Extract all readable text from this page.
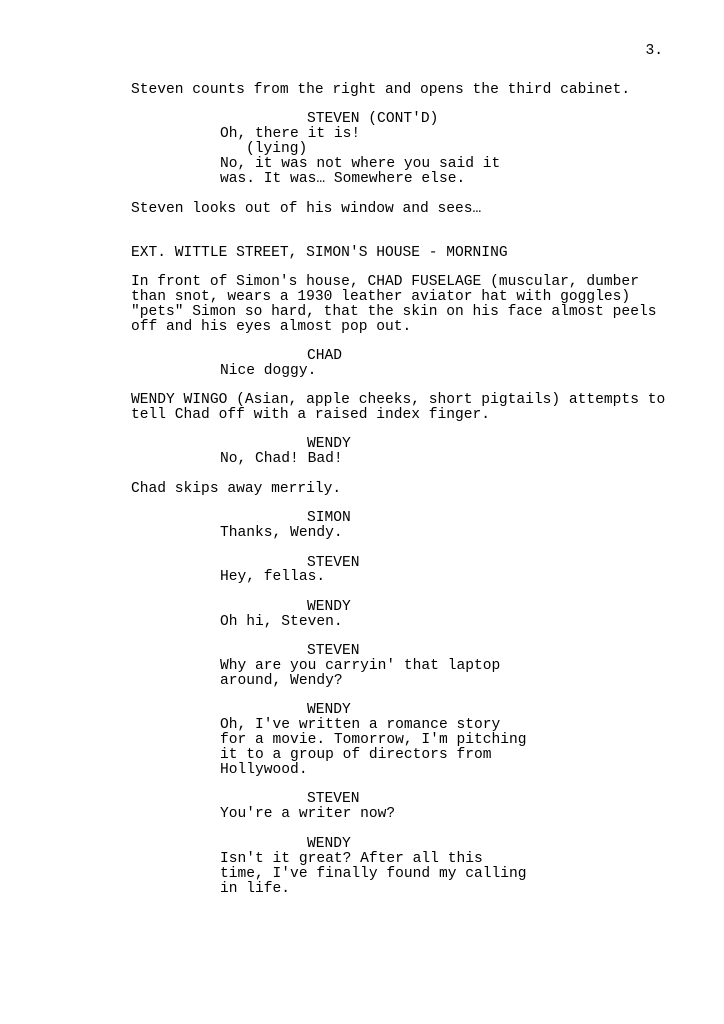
3.
Steven counts from the right and opens the third cabinet.
STEVEN (CONT'D)
Oh, there it is!
(lying)
No, it was not where you said it
was. It was… Somewhere else.
Steven looks out of his window and sees…
EXT. WITTLE STREET, SIMON'S HOUSE - MORNING
In front of Simon's house, CHAD FUSELAGE (muscular, dumber
than snot, wears a 1930 leather aviator hat with goggles)
"pets" Simon so hard, that the skin on his face almost peels
off and his eyes almost pop out.
CHAD
Nice doggy.
WENDY WINGO (Asian, apple cheeks, short pigtails) attempts to
tell Chad off with a raised index finger.
WENDY
No, Chad! Bad!
Chad skips away merrily.
SIMON
Thanks, Wendy.
STEVEN
Hey, fellas.
WENDY
Oh hi, Steven.
STEVEN
Why are you carryin' that laptop
around, Wendy?
WENDY
Oh, I've written a romance story
for a movie. Tomorrow, I'm pitching
it to a group of directors from
Hollywood.
STEVEN
You're a writer now?
WENDY
Isn't it great? After all this
time, I've finally found my calling
in life.
